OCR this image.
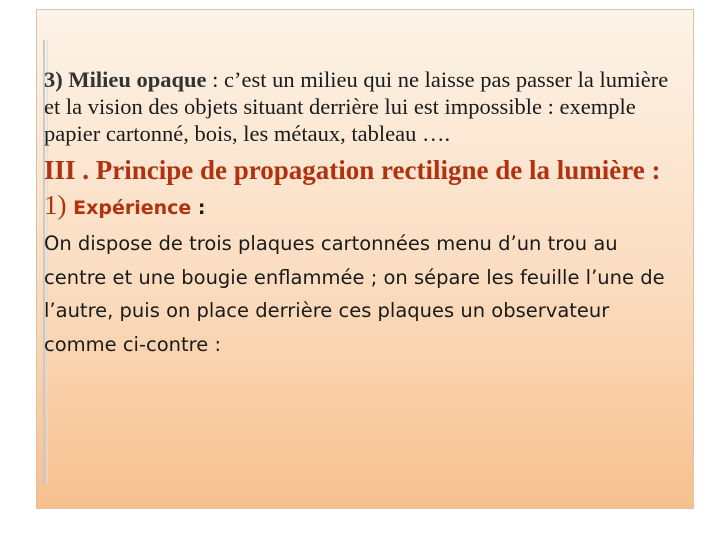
3) Milieu opaque : c’est un milieu qui ne laisse pas passer la lumière et la vision des objets situant derrière lui est impossible : exemple papier cartonné, bois, les métaux, tableau ….

III . Principe de propagation rectiligne de la lumière :

1) Expérience :

On dispose de trois plaques cartonnées menu d’un trou au centre et une bougie enflammée ; on sépare les feuille l’une de l’autre, puis on place derrière ces plaques un observateur comme ci-contre :
